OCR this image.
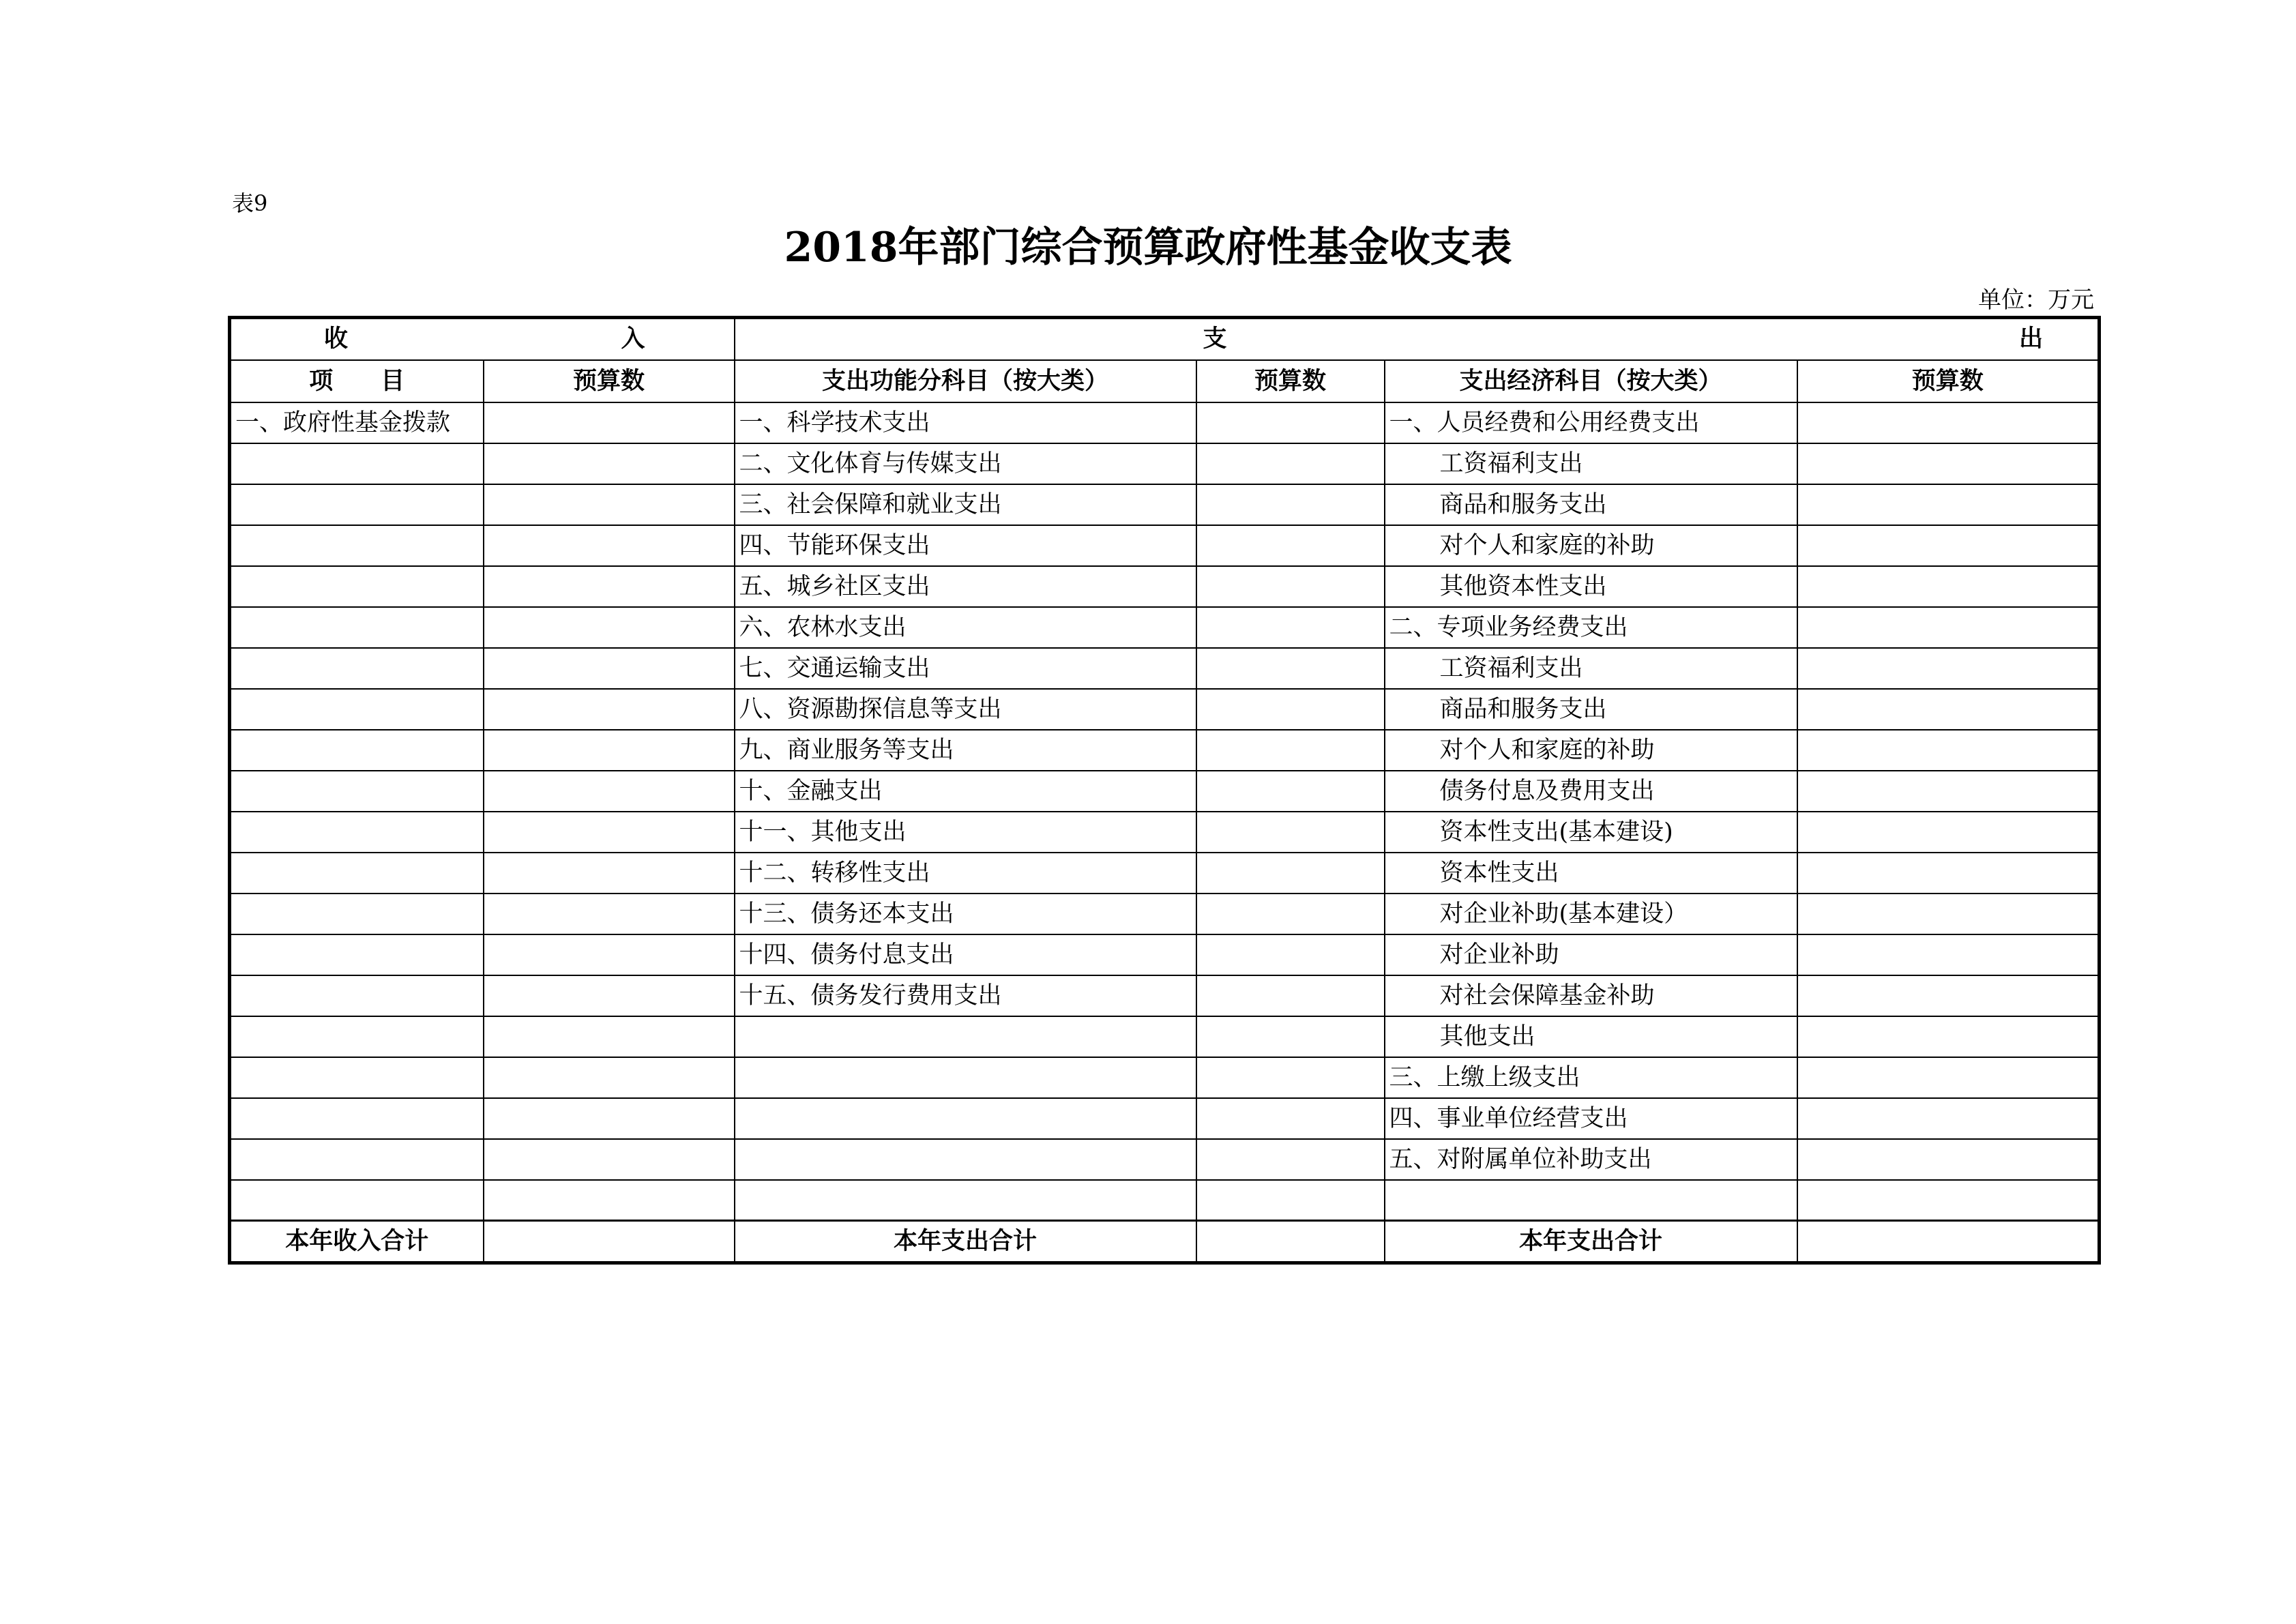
表9
2018年部门综合预算政府性基金收支表
单位：万元
收 入		支 出			

项 目	预算数	支出功能分科目（按大类）	预算数	支出经济科目（按大类）	预算数
一、政府性基金拨款		一、科学技术支出		一、人员经费和公用经费支出	
		二、文化体育与传媒支出		工资福利支出	
		三、社会保障和就业支出		商品和服务支出	
		四、节能环保支出		对个人和家庭的补助	
		五、城乡社区支出		其他资本性支出	
		六、农林水支出		二、专项业务经费支出	
		七、交通运输支出		工资福利支出	
		八、资源勘探信息等支出		商品和服务支出	
		九、商业服务等支出		对个人和家庭的补助	
		十、金融支出		债务付息及费用支出	
		十一、其他支出		资本性支出(基本建设)	
		十二、转移性支出		资本性支出	
		十三、债务还本支出		对企业补助(基本建设）	
		十四、债务付息支出		对企业补助	
		十五、债务发行费用支出		对社会保障基金补助	
				其他支出	
				三、上缴上级支出	
				四、事业单位经营支出	
				五、对附属单位补助支出	

本年收入合计		本年支出合计		本年支出合计	
